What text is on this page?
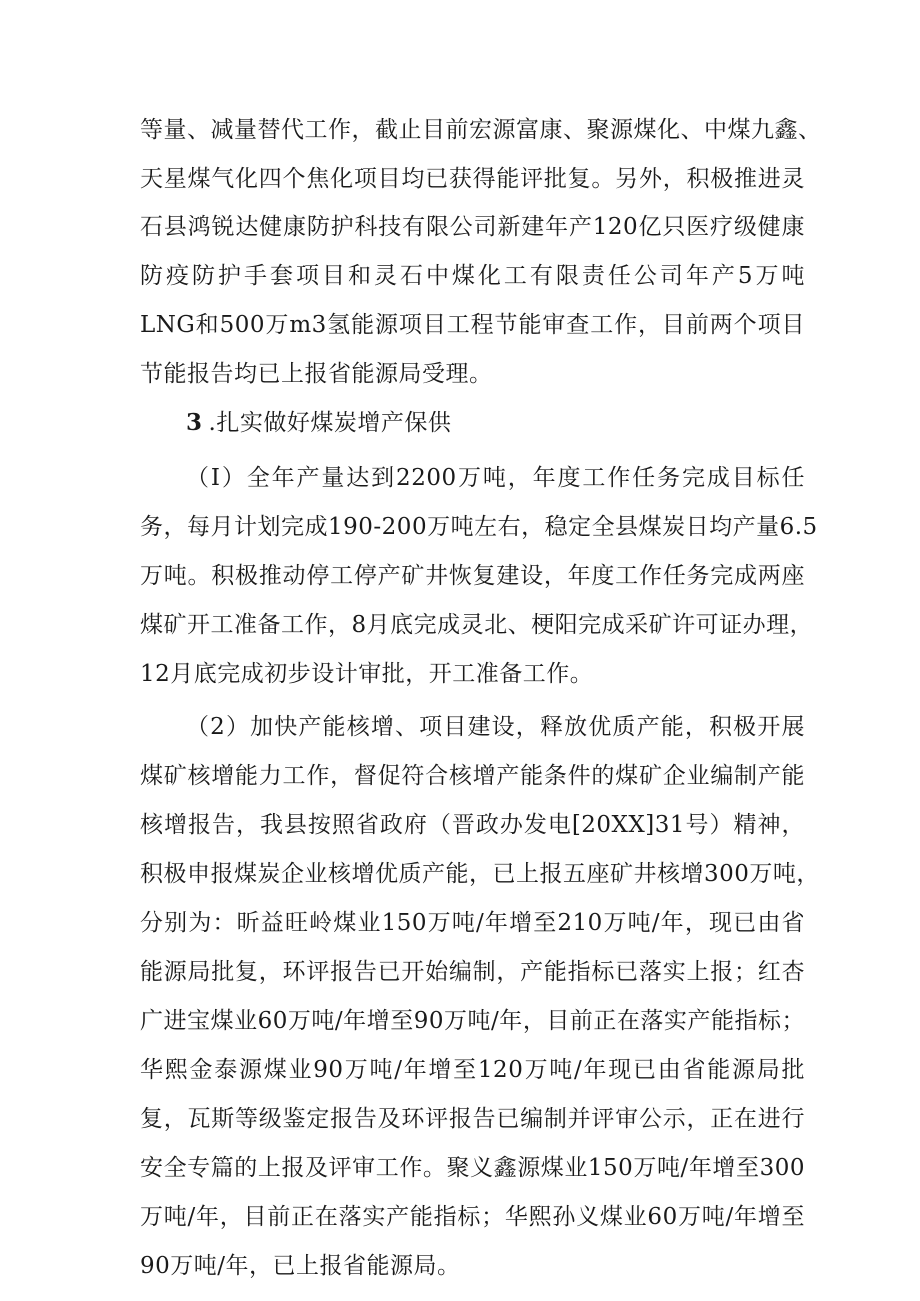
等量、减量替代工作，截止目前宏源富康、聚源煤化、中煤九鑫、
天星煤气化四个焦化项目均已获得能评批复。另外，积极推进灵
石县鸿锐达健康防护科技有限公司新建年产120亿只医疗级健康
防疫防护手套项目和灵石中煤化工有限责任公司年产5万吨
LNG和500万m3氢能源项目工程节能审查工作，目前两个项目
节能报告均已上报省能源局受理。
3 .扎实做好煤炭增产保供
（I）全年产量达到2200万吨，年度工作任务完成目标任
务，每月计划完成190-200万吨左右，稳定全县煤炭日均产量6.5
万吨。积极推动停工停产矿井恢复建设，年度工作任务完成两座
煤矿开工准备工作，8月底完成灵北、梗阳完成采矿许可证办理，
12月底完成初步设计审批，开工准备工作。
（2）加快产能核增、项目建设，释放优质产能，积极开展
煤矿核增能力工作，督促符合核增产能条件的煤矿企业编制产能
核增报告，我县按照省政府（晋政办发电[20XX]31号）精神，
积极申报煤炭企业核增优质产能，已上报五座矿井核增300万吨，
分别为：昕益旺岭煤业150万吨/年增至210万吨/年，现已由省
能源局批复，环评报告已开始编制，产能指标已落实上报；红杏
广进宝煤业60万吨/年增至90万吨/年，目前正在落实产能指标；
华熙金泰源煤业90万吨/年增至120万吨/年现已由省能源局批
复，瓦斯等级鉴定报告及环评报告已编制并评审公示，正在进行
安全专篇的上报及评审工作。聚义鑫源煤业150万吨/年增至300
万吨/年，目前正在落实产能指标；华熙孙义煤业60万吨/年增至
90万吨/年，已上报省能源局。
